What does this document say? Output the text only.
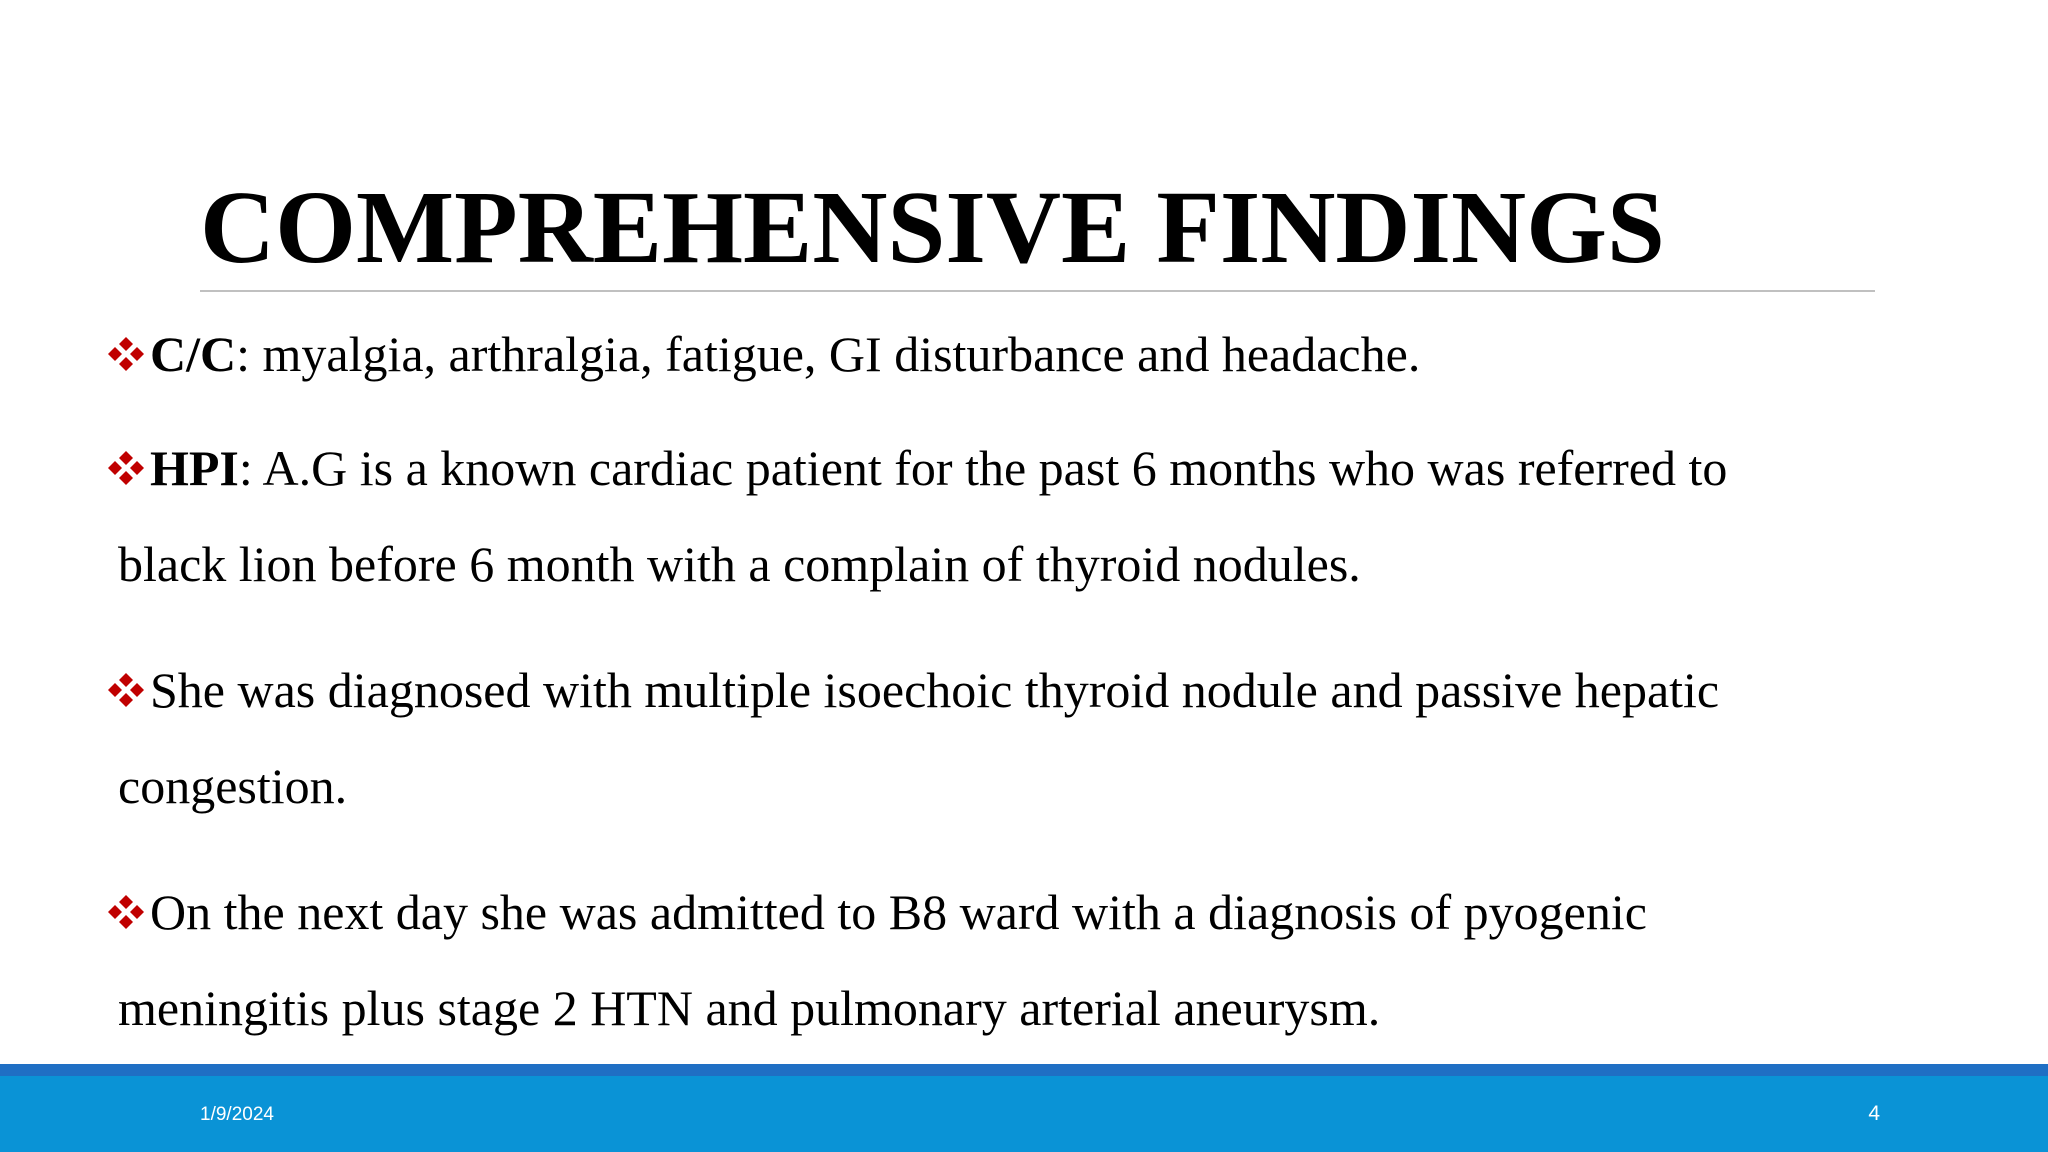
COMPREHENSIVE FINDINGS

C/C: myalgia, arthralgia, fatigue, GI disturbance and headache.

HPI: A.G is a known cardiac patient for the past 6 months who was referred to

black lion before 6 month with a complain of thyroid nodules.

She was diagnosed with multiple isoechoic thyroid nodule and passive hepatic

congestion.

On the next day she was admitted to B8 ward with a diagnosis of pyogenic

meningitis plus stage 2 HTN and pulmonary arterial aneurysm.

1/9/2024	4
